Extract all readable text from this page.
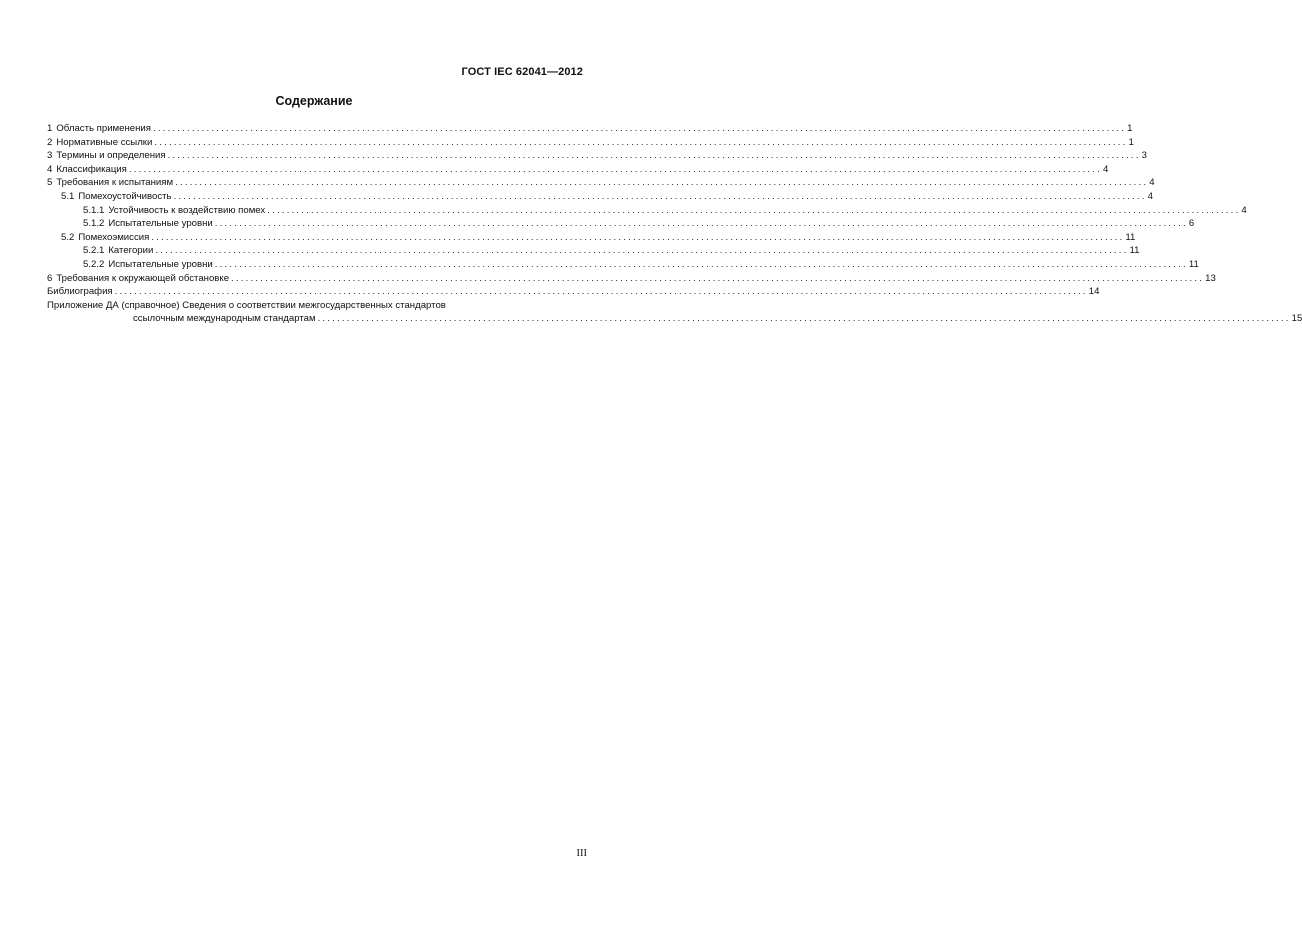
ГОСТ IEC 62041—2012
Содержание
1 Область применения ........................................................................................................................................................................................................ 1
2 Нормативные ссылки ........................................................................................................................................................................................................ 1
3 Термины и определения ........................................................................................................................................................................................................ 3
4 Классификация ........................................................................................................................................................................................................ 4
5 Требования к испытаниям ........................................................................................................................................................................................................ 4
5.1 Помехоустойчивость ........................................................................................................................................................................................................ 4
5.1.1 Устойчивость к воздействию помех ........................................................................................................................................................................................................ 4
5.1.2 Испытательные уровни ........................................................................................................................................................................................................ 6
5.2 Помехоэмиссия ........................................................................................................................................................................................................ 11
5.2.1 Категории ........................................................................................................................................................................................................ 11
5.2.2 Испытательные уровни ........................................................................................................................................................................................................ 11
6 Требования к окружающей обстановке ........................................................................................................................................................................................................ 13
Библиография ........................................................................................................................................................................................................ 14
Приложение ДА (справочное) Сведения о соответствии межгосударственных стандартов
ссылочным международным стандартам ........................................................................................................................................................................................................ 15
III
